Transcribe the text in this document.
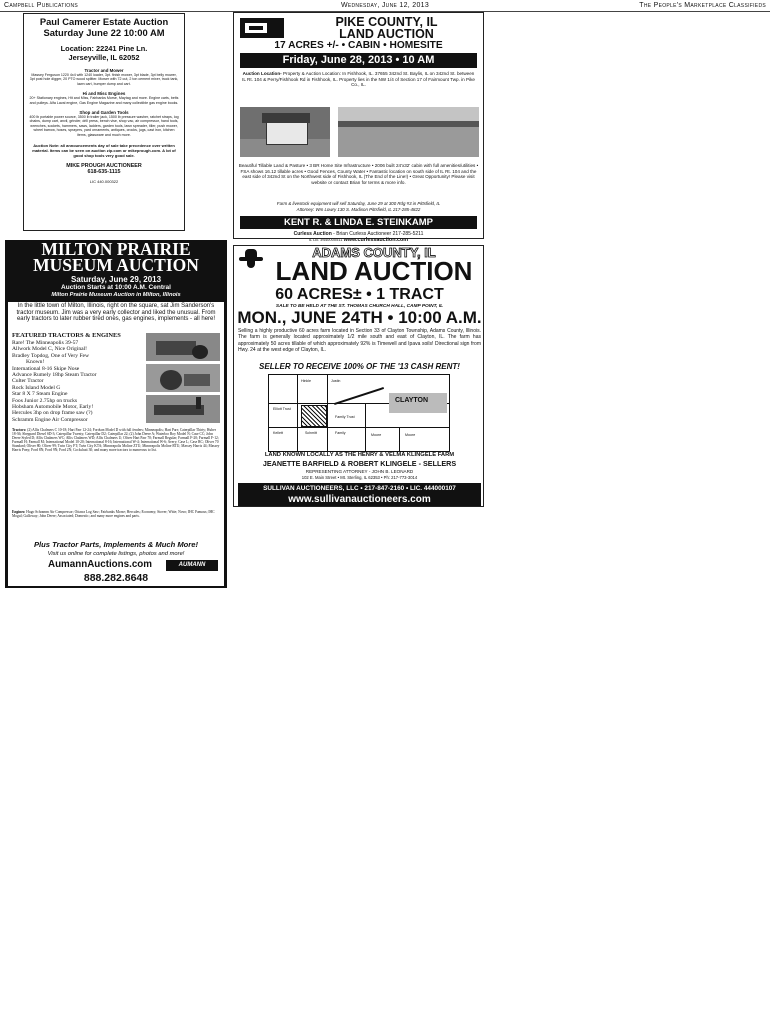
Campbell Publications	Wednesday, June 12, 2013	The People's Marketplace Classifieds
Paul Camerer Estate Auction
Saturday June 22 10:00 AM
Location: 22241 Pine Ln.
Jerseyville, IL 62052
Tractor and Mower
Massey Ferguson 1220 4x4 with 1240 loader, 3pt. finish mower, 3pt blade, 3pt belly mower, 3pt post hole digger, 20 PTO wood splitter. Mower with 72 cut, 2 ton cement mixer, truck tank, lawn cart, bumper dump and cart.
Hi and Misc Engines
20+ Stationary engines, Hit and Miss, Fairbanks Morse, Maytag and more. Engine carts, belts and pulleys. Alfa Laval engine, Gas Engine Magazine and many collectible gas engine books.
Shop and Garden Tools
400 lb portable power source, 3500 lb trailer jack, 1500 lb pressure washer, ratchet straps, log chains, dump cart, anvil, grinder, drill press, bench vise, shop vac, air compressor, hand tools, wrenches, sockets, hammers, saws, ladders, garden tools, lawn spreader, tiller, push mower, wheel barrow, hoses, sprayers, yard ornaments, antiques, crocks, jugs, cast iron, kitchen items, glassware and much more.
Auction Note: all announcements day of sale take precedence over written material. Items can be seen on auction zip.com or mikeprough.com. A lot of good shop tools very good sale.
MIKE PROUGH AUCTIONEER
618-635-1115
LIC 440.000322
PIKE COUNTY, IL
LAND AUCTION
17 ACRES +/- • CABIN • HOMESITE
Friday, June 28, 2013 • 10 AM
Auction Location- Property & Auction Location: In Fishhook, IL. 37655 342nd St. Baylis, IL on 342nd St. between IL Rt. 104 & Perry/Fishhook Rd in Fishhook, IL. Property lies in the NW 1/4 of Section 17 of Fairmount Twp. in Pike Co., IL.
Beautiful Tillable Land & Pasture • 3 BR Home Site Infrastructure • 2006 built 24'x32' cabin with full amenities/utilities • FSA shows 16.12 tillable acres • Good Fences, County Water • Fantastic location on south side of IL Rt. 104 and the east side of 342nd St on the Northwest side of Fishhook, IL (The End of the Line!) • Great Opportunity! Please visit website or contact Brian for terms & more info.
Farm & livestock equipment will sell Saturday, June 29 at 300 Rdg #3 in Pittsfield, IL
Attorney: Wm Lowry 130 S. Madison Pittsfield, IL 217-285-4822
KENT R. & LINDA E. STEINKAMP
Curless Auction - Brian Curless Auctioneer 217-285-5211
IL Lic. #440000511 www.curlessauction.com
MILTON PRAIRIE
MUSEUM AUCTION
Saturday, June 29, 2013
Auction Starts at 10:00 A.M. Central
Milton Prairie Museum Auction in Milton, Illinois
In the little town of Milton, Illinois, right on the square, sat Jim Sanderson's tractor museum. Jim was a very early collector and liked the unusual. From early tractors to later rubber tired ones, gas engines, implements - all here!
FEATURED TRACTORS & ENGINES
Rare! The Minneapolis 39-57
Allwork Model C, Nice Original!
Bradley Topdog, One of Very Few
Known!
International 8-16 Skipe Nose
Advance Rumely 18hp Steam Tractor
Culter Tractor
Rock Island Model G
Star 8 X 7 Steam Engine
Foos Junior 2.75hp on trucks
Hobsham Automobile Motor, Early!
Hercules 3hp on drop frame saw (?)
Schramm Engine Air Compressor
Tractors: (2) Allis Chalmers C 10-18; Hart Parr 12-24; Fordson Model D with full fenders; Minneapolis; Hart Parr; Caterpillar Thirty; Huber 18-36; Sheppard Diesel SD-3; Caterpillar Twenty; Caterpillar D2; Caterpillar 22; (2) John Deere A; Waterloo Boy Model N; Case CC; John Deere Styled D; Allis Chalmers WC; Allis Chalmers WD; Allis Chalmers U; Oliver Hart Parr 70; Farmall Regular; Farmall F-20; Farmall F-12; Farmall H; Farmall M; International Model 10-20; International 8-16; International W-4; International W-6; Avery; Case L; Case RC; Oliver 70 Standard; Oliver 80; Oliver 99; Twin City FT; Twin City KTA; Minneapolis Moline ZTU; Minneapolis Moline RTU; Massey Harris 44; Massey Harris Pony; Ford 8N; Ford 9N; Ford 2N; Cockshutt 30; and many more tractors to numerous to list.
Engines: Hugo Schramm Air Compressor; Ottawa Log Saw; Fairbanks Morse; Hercules; Economy; Stover; Witte; Novo; IHC Famous; IHC Mogul; Galloway; John Deere; Associated; Domestic; and many more engines and parts.
Plus Tractor Parts, Implements & Much More!
Visit us online for complete listings, photos and more!
AumannAuctions.com	AUMANN
888.282.8648
ADAMS COUNTY, IL
LAND AUCTION
60 ACRES± • 1 TRACT
SALE TO BE HELD AT THE ST. THOMAS CHURCH HALL, CAMP POINT, IL
MON., JUNE 24TH • 10:00 A.M.
Selling a highly productive 60 acres farm located in Section 33 of Clayton Township, Adams County, Illinois. The farm is generally located approximately 1/2 mile south and east of Clayton, IL. The farm has approximately 50 acres tillable of which approximately 92% is Timewell and Ipava soils! Directional sign from Hwy. 24 at the west edge of Clayton, IL.
SELLER TO RECEIVE 100% OF THE '13 CASH RENT!
Hinkle	Justin
Elliott Trust
CLAYTON
Kellett	Schmitt
Family Trust
Family	Moore	Moore
LAND KNOWN LOCALLY AS THE HENRY & VELMA KLINGELE FARM
JEANETTE BARFIELD & ROBERT KLINGELE - SELLERS
REPRESENTING ATTORNEY - JOHN B. LEONARD
102 E. Main Street • Mt. Sterling, IL 62353 • Ph: 217-773-3014
SULLIVAN AUCTIONEERS, LLC • 217-847-2160 • LIC. 444000107
www.sullivanauctioneers.com
